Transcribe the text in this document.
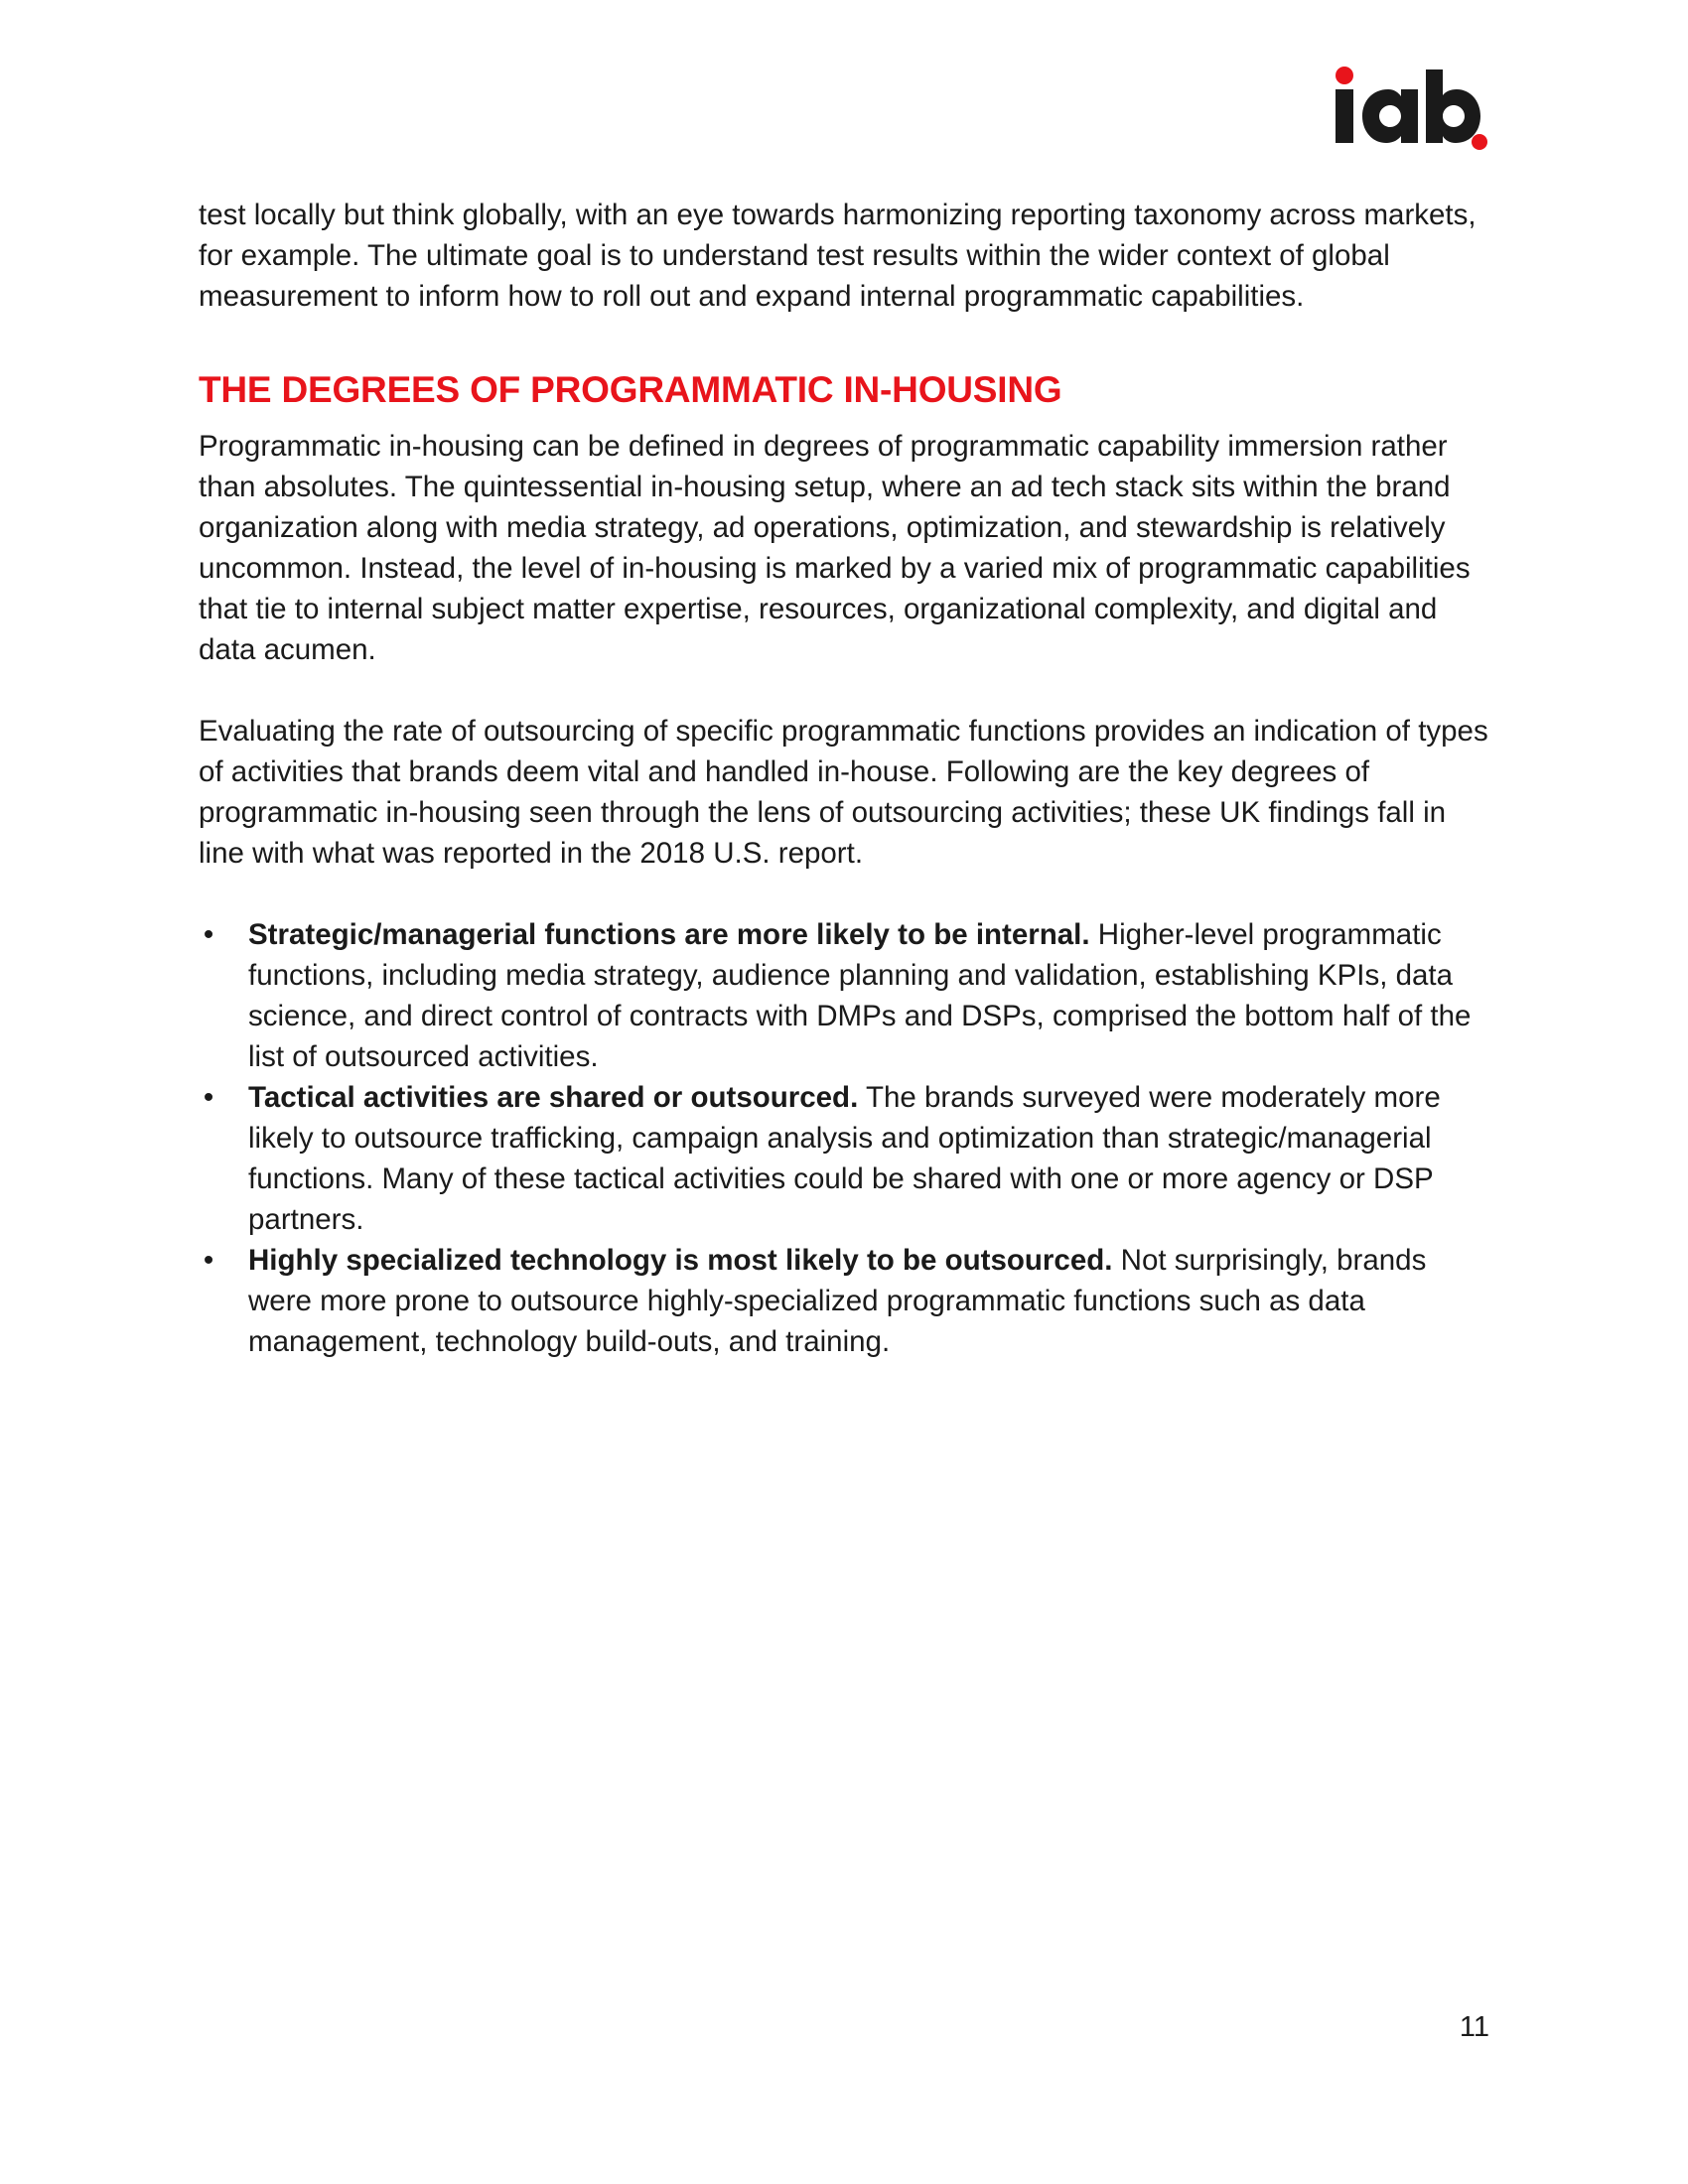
test locally but think globally, with an eye towards harmonizing reporting taxonomy across markets, for example. The ultimate goal is to understand test results within the wider context of global measurement to inform how to roll out and expand internal programmatic capabilities.

THE DEGREES OF PROGRAMMATIC IN-HOUSING

Programmatic in-housing can be defined in degrees of programmatic capability immersion rather than absolutes. The quintessential in-housing setup, where an ad tech stack sits within the brand organization along with media strategy, ad operations, optimization, and stewardship is relatively uncommon. Instead, the level of in-housing is marked by a varied mix of programmatic capabilities that tie to internal subject matter expertise, resources, organizational complexity, and digital and data acumen.

Evaluating the rate of outsourcing of specific programmatic functions provides an indication of types of activities that brands deem vital and handled in-house. Following are the key degrees of programmatic in-housing seen through the lens of outsourcing activities; these UK findings fall in line with what was reported in the 2018 U.S. report.

• Strategic/managerial functions are more likely to be internal. Higher-level programmatic functions, including media strategy, audience planning and validation, establishing KPIs, data science, and direct control of contracts with DMPs and DSPs, comprised the bottom half of the list of outsourced activities.
• Tactical activities are shared or outsourced. The brands surveyed were moderately more likely to outsource trafficking, campaign analysis and optimization than strategic/managerial functions. Many of these tactical activities could be shared with one or more agency or DSP partners.
• Highly specialized technology is most likely to be outsourced. Not surprisingly, brands were more prone to outsource highly-specialized programmatic functions such as data management, technology build-outs, and training.
11
